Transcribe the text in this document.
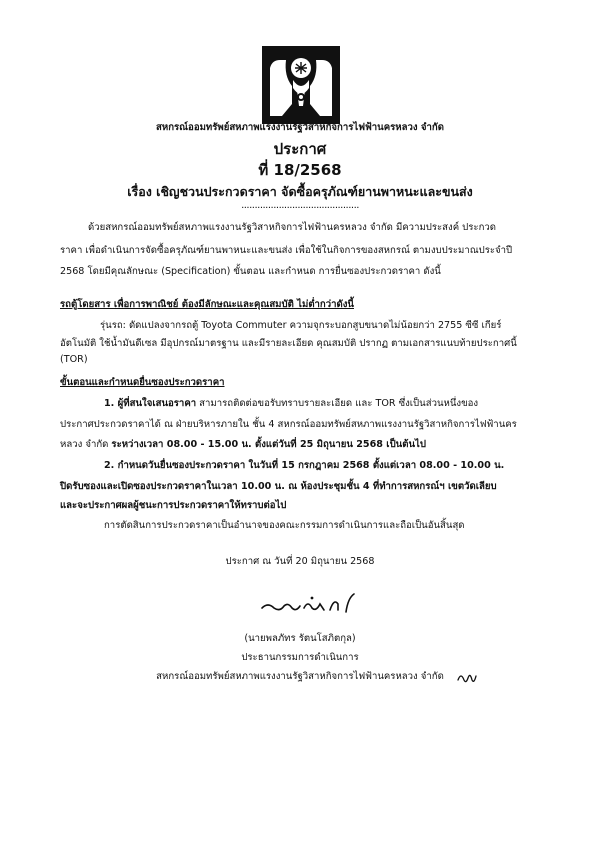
สหกรณ์ออมทรัพย์สหภาพแรงงานรัฐวิสาหกิจการไฟฟ้านครหลวง จำกัด
ประกาศ
ที่ 18/2568
เรื่อง เชิญชวนประกวดราคา จัดซื้อครุภัณฑ์ยานพาหนะและขนส่ง
............................................
ด้วยสหกรณ์ออมทรัพย์สหภาพแรงงานรัฐวิสาหกิจการไฟฟ้านครหลวง จำกัด มีความประสงค์ ประกวด
ราคา เพื่อดำเนินการจัดซื้อครุภัณฑ์ยานพาหนะและขนส่ง เพื่อใช้ในกิจการของสหกรณ์ ตามงบประมาณประจำปี
2568 โดยมีคุณลักษณะ (Specification) ขั้นตอน และกำหนด การยื่นซองประกวดราคา ดังนี้
รถตู้โดยสาร เพื่อการพาณิชย์ ต้องมีลักษณะและคุณสมบัติ ไม่ต่ำกว่าดังนี้
รุ่นรถ: ดัดแปลงจากรถตู้ Toyota Commuter ความจุกระบอกสูบขนาดไม่น้อยกว่า 2755 ซีซี เกียร์
อัตโนมัติ ใช้น้ำมันดีเซล มีอุปกรณ์มาตรฐาน และมีรายละเอียด คุณสมบัติ ปรากฏ ตามเอกสารแนบท้ายประกาศนี้
(TOR)
ขั้นตอนและกำหนดยื่นซองประกวดราคา
1. ผู้ที่สนใจเสนอราคา สามารถติดต่อขอรับทราบรายละเอียด และ TOR ซึ่งเป็นส่วนหนึ่งของ
ประกาศประกวดราคาได้ ณ ฝ่ายบริหารภายใน ชั้น 4 สหกรณ์ออมทรัพย์สหภาพแรงงานรัฐวิสาหกิจการไฟฟ้านคร
หลวง จำกัด ระหว่างเวลา 08.00 - 15.00 น. ตั้งแต่วันที่ 25 มิถุนายน 2568 เป็นต้นไป
2. กำหนดวันยื่นซองประกวดราคา ในวันที่ 15 กรกฎาคม 2568 ตั้งแต่เวลา 08.00 - 10.00 น.
ปิดรับซองและเปิดซองประกวดราคาในเวลา 10.00 น. ณ ห้องประชุมชั้น 4 ที่ทำการสหกรณ์ฯ เขตวัดเลียบ
และจะประกาศผลผู้ชนะการประกวดราคาให้ทราบต่อไป
การตัดสินการประกวดราคาเป็นอำนาจของคณะกรรมการดำเนินการและถือเป็นอันสิ้นสุด
ประกาศ ณ วันที่ 20 มิถุนายน 2568
(นายพลภัทร รัตนโสภิตกุล)
ประธานกรรมการดำเนินการ
สหกรณ์ออมทรัพย์สหภาพแรงงานรัฐวิสาหกิจการไฟฟ้านครหลวง จำกัด
